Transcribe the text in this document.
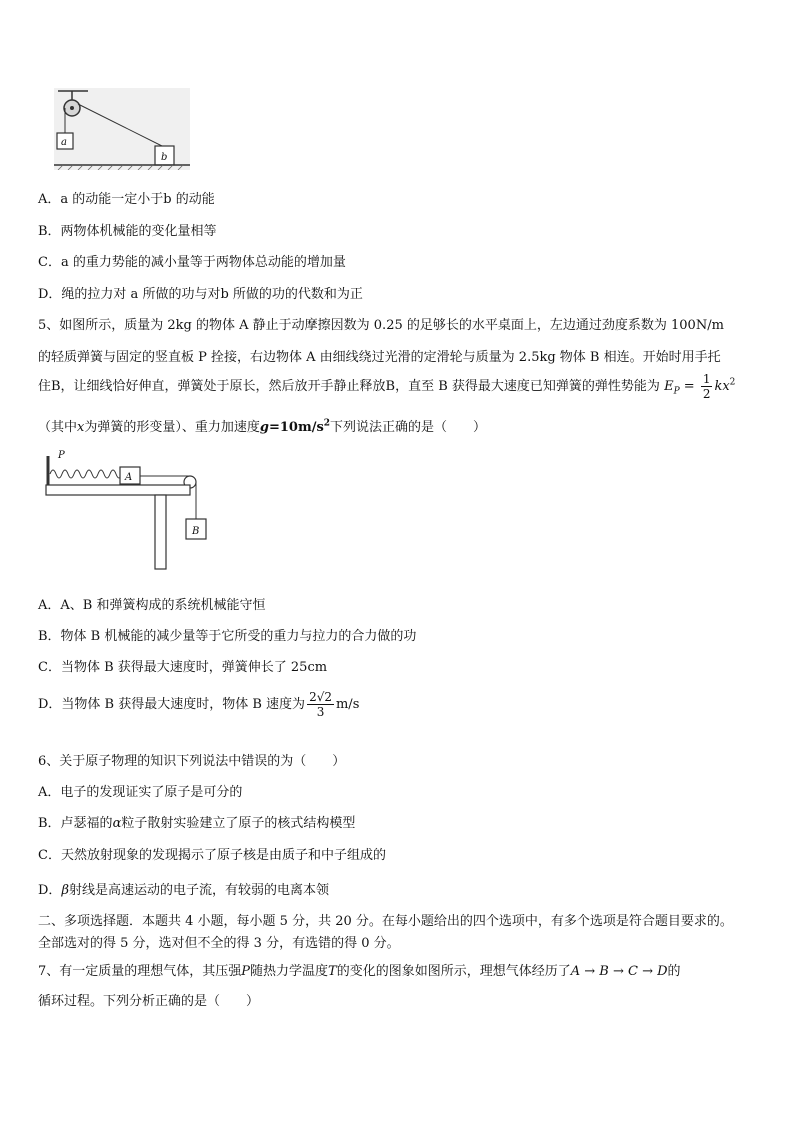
a
b
A．a 的动能一定小于b 的动能
B．两物体机械能的变化量相等
C．a 的重力势能的减小量等于两物体总动能的增加量
D．绳的拉力对 a 所做的功与对b 所做的功的代数和为正
5、如图所示，质量为 2kg 的物体 A 静止于动摩擦因数为 0.25 的足够长的水平桌面上，左边通过劲度系数为 100N/m
的轻质弹簧与固定的竖直板 P 拴接，右边物体 A 由细线绕过光滑的定滑轮与质量为 2.5kg 物体 B 相连。开始时用手托
住B，让细线恰好伸直，弹簧处于原长，然后放开手静止释放B，直至 B 获得最大速度已知弹簧的弹性势能为 $E_P = \frac{1}{2} kx^2$
（其中x为弹簧的形变量）、重力加速度$g=10m/s^2$下列说法正确的是（　　）
P
A
B
A．A、B 和弹簧构成的系统机械能守恒
B．物体 B 机械能的减少量等于它所受的重力与拉力的合力做的功
C．当物体 B 获得最大速度时，弹簧伸长了 25cm
D．当物体 B 获得最大速度时，物体 B 速度为 $\frac{2√2}{3} m/s$
6、关于原子物理的知识下列说法中错误的为（　　）
A．电子的发现证实了原子是可分的
B．卢瑟福的α粒子散射实验建立了原子的核式结构模型
C．天然放射现象的发现揭示了原子核是由质子和中子组成的
D．β射线是高速运动的电子流，有较弱的电离本领
二、多项选择题．本题共 4 小题，每小题 5 分，共 20 分。在每小题给出的四个选项中，有多个选项是符合题目要求的。
全部选对的得 5 分，选对但不全的得 3 分，有选错的得 0 分。
7、有一定质量的理想气体，其压强P随热力学温度T的变化的图象如图所示，理想气体经历了A → B → C → D的
循环过程。下列分析正确的是（　　）
